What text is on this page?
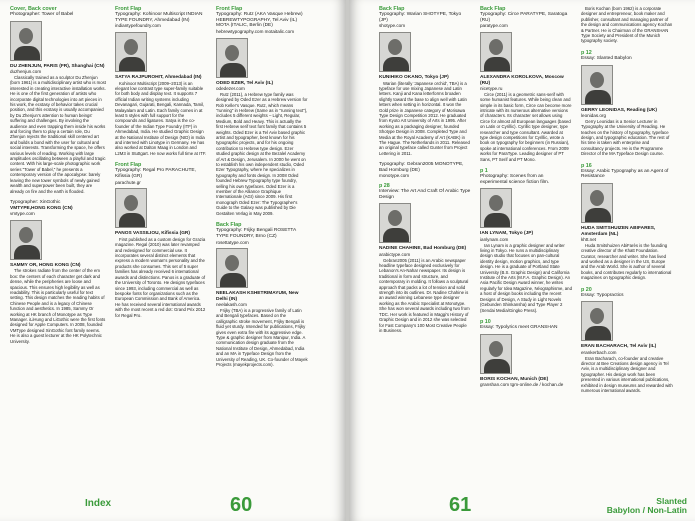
Cover, Back cover
Photographer: Tower of Babel
DU ZHENJUN, PARIS (FR), Shanghai (CN)
duzhenjun.com

Classically trained as a sculptor Du Zhenjun (born 1961) is a multidisciplinary artist who is most interested in creating interactive installation works. He is one of the first generation of artists who incorporate digital technologies into art pieces in his work, the ecstasy of behavior takes crucial position, and this ecstasy is usually accompanied by Du Zhenjun's attention to human beings' suffering and challenges. By involving the audience and even trapping them inside his works and forcing them to play a certain role, Du Zhenjun rejects the traditional skill centered art and builds a bond with the user for cultural and social interests. Transforming the space, he offers various levels of reading. Working with large amplitudes oscillating between a playful and tragic content. With his large-scale photographic work series "Tower of Babel," he presents a contemporary version of the apocalypse: barely leaving the new tower symbols of newly gained wealth and superpower been built, they are already on fire and the earth is flooded.

Typographer: XinGothic
VMTYPE,HONG KONG (CN)
vmtype.com
SAMMY OR, HONG KONG (CN)

The strokes radiate from the center of the em box: the centers of each character get dark and dense, while the peripheries are loose and spacious. This ensures high legibility as well as readability. This is particularly useful for text setting. This design matches the reading habits of Chinese People and is a legacy of Chinese function and aesthetics. In 1985, Sammy Or working at HK branch of Monotype as Type Manager. iLiHung and LiGothic were the first fonts designed for Apple Computers. In 2008, founded VMType designed XinGothic font family seems. He is also a guest lecturer at the HK Polytechnic University.

Front Flap
Typography: Kohinoor Multiscript INDIAN TYPE FOUNDRY, Ahmedabad (IN)
indiantypefoundry.com
SATYA RAJPUROHIT, Ahmedabad (IN)

Kohinoor Multiscript (2009–2013) is an elegant low contrast type super-family suitable for both body and display text. It supports 7 official Indian writing systems including Devanagari, Gujarati, Bengali, Kannada, Tamil, Malayalam and Latin. Each family comes in at least 5 styles with full support for the compounds and ligatures. Satya is the co-founder of the Indian Type Foundry (ITF) in Ahmedabad, India. He studied Graphic Design at the National Institute of Design (NID) in India and interned with Linotype in Germany. He has also worked at Dalton Maag in London and L2M3 in Stuttgart. He now works full time at ITF.

Front Flap
Typography: Regal Pro PARACHUTE, Kifissia (GR)
parachute.gr
PANOS VASSILIOU, Kifissia (GR)

First published as a custom design for Grazia magazine. Regal (2010) was later revamped and redesigned for commercial use. It incorporates several distinct elements that express a modern woman's personality and the products she consumes. This set of 5 super families has already received 6 international awards and distinctions. Panos is a graduate of the University of Toronto. He designs typefaces since 1993, including commercial as well as bespoke fonts for organizations such as the European Commission and Bank of America. He has received several international awards with the most recent a red dot: Grand Prix 2012 for Regal Pro.

Front Flap
Typography: Rutz (AKA Vasque Hebrew) HEBREWTYPOGRAPHY, Tel Aviv (IL) MOTA (ITALIC, Berlin (DE)
hebrewtypography.com motaitalic.com
ODED EZER, Tel Aviv (IL)
odedezer.com

Rutz (2011), a Hebrew type family was designed by Oded Ezer as a Hebrew version for Rob Keller's Vasque. Rutz, which means "running" in Hebrew (Same as in "running text"), includes 5 different weights – Light, Regular, Medium, Bold and Heavy. This is actually the first Hebrew serif text font family that contains 5 weights. Oded Ezer is a Tel Aviv based graphic artist and typographer, best known for his typographic projects, and for his ongoing contribution to Hebrew type design. Ezer studied graphic design at the Bezalel Academy of Art & Design, Jerusalem. In 2000 he went on to establish his own independent studio, Oded Ezer Typography, where he specializes in typography and fonts design. In 2008 Oded founded Hebrew Typography type foundry, selling his own typefaces. Oded Ezer is a member of the Alliance Graphique Internationale (AGI) since 2009. His first monograph Oded Ezer: The Typographer's Guide to the Galaxy was published by Die Gestalten Verlag in May 2009.

Back Flap
Typography: Frijky Bengali ROSETTA TYPE FOUNDRY, Brno (CZ)
rosettatype.com
NEELAKASH KSHETRIMAYUM, New Delhi (IN)
neelakash.com

Frijky (TBA) is a progressive family of Latin and Bengali typefaces. Based on the calligraphic stroke movement, Frijky Bengali is fluid yet sturdy. Intended for publications, Frijky gives even extra fire with its aggressive edge. Type & graphic designer from Manipur, India. A communication design graduate from the National Institute of Design, Ahmedabad, India and an MA in Typeface Design from the University of Reading, UK. Co-founder of Mayek Projects (mayekprojects.com).

Index	60
Back Flap
Typography: Warian SHOTYPE, Tokyo (JP)
shotype.com
KUNIHIKO OKANO, Tokyo (JP)

Warian (literally 'Japanese orchid', TBA) is a typeface for use mixing Japanese and Latin letters. Kanji and Kana letterforms broaden slightly toward the base to align well with Latin letters when setting in horizontal. It won the Gold prize in Japanese category of Morisawa Type Design Competition 2012. He graduated from Kyoto Art University of Arts in 1995. After working as a packaging designer, founded Shotype Design in 2008. Completed Type and Media at the Royal Academy of Art (KABK) in The Hague. The Netherlands in 2011. Released an original typeface called Gunter from Project Lettering in 2011.

Typography: Gebran2005 MONOTYPE, Bad Homburg (DE)
monotype.com
p 28
Interview: The Art And Craft Of Arabic Type Design
NADINE CHAHINE, Bad Homburg (DE)
arabictype.com

Gebran2005 (2011) is an Arabic newspaper headline typeface designed exclusively for Lebanon's An-Nahar newspaper. Its design is traditional in form and structure, and contemporary in molding. It follows a sculptural approach that packs a lot of tension and solid strength into its outlines. Dr. Nadine Chahine is an award winning Lebanese type designer working as the Arabic Specialist at Monotype. She has won several awards including two from TDC. Her work is featured in Maggi's History of Graphic Design and in 2012 she was selected for Fast Company's 100 Most Creative People in Business.

Back Flap
Typography: Circe PARATYPE, Saratoga (RU)
paratype.com
ALEXANDRA KOROLKOVA, Moscow (RU)
nicetype.ru

Circe (2011) is a geometric sans-serif with some humanist features. While being clean and simple in its basic form, Circe can become more intricate with its numerous alternative versions of characters. Its character set allows using Circe for almost all European languages (based on Latin or Cyrillic). Cyrillic type designer, type researcher and type consultant. Awarded at type design competitions for Cyrillic, wrote a book on typography for beginners (in Russian), spoke at international conferences. From 2009 works for ParaType. Leading designer of PT Sans, PT Serif and PT Mono.

p 1
Photography: Scenes from an experimental science fiction film.
IAN LYNAM, Tokyo (JP)
ianlynam.com

Ian Lynam is a graphic designer and writer living in Tokyo. He runs a multidisciplinary design studio that focuses on pan-cultural identity design, motion graphics, and type design. He is a graduate of Portland State University (B.S. Graphic Design) and California Institute of the Arts (M.F.A. Graphic Design). An Asia Pacific Design Award winner, he writes regularly for Idea Magazine, Néographisme, and a host of design books including the recent Designs of Design, A Study in Light Novels (Gebunden Shinkansha) and Type Player 2 (Sendai Media/Gingko Press).

p 10
Essay: Typolyrics meet GRANSHAN
BORIS KOCHAN, Munich (DE)
granshan.com tgm-online.de / kochan.de

Boris Kochan (born 1962) is a corporate designer and entrepreneur, book maker and publisher, consultant and managing partner of the design and communications agency Kochan & Partner. He is Chairman of the GRANSHAN Type Society and President of the Munich typography society.

p 12
Essay: Slanted Babylon
GERRY LEONIDAS, Reading (UK)
leonidas.org

Gerry Leonidas is a Senior Lecturer in Typography at the University of Reading. He teaches on the history of typography, typeface design, and typographic education. The rest of his time is taken with enterprise and consultancy projects. He is the Programme Director of the MA Typeface Design course.

p 16
Essay: Arabic Typography as an Agent of Resistance
HUDA SMITSHUIZEN ABIFARES, Amsterdam (NL)
khtt.net

Huda Smitshuizen AbiFarès is the founding creative director of the Khatt Foundation. Curator, researcher and writer. She has lived and worked as a designer in the US, Europe and the Arab World. She is author of several books, and contributes regularly to international magazines on typographic design.

p 20
Essay: Typopractics
ERAN BACHARACH, Tel Aviv (IL)
erankerbach.com

Eran Bacharach, co-founder and creative director at Bee Creations design agency in Tel Aviv, is a multidisciplinary designer and typographer. His design work has been presented in various international publications, exhibited in design museums and rewarded with numerous international awards.

61	Slanted
Babylon / Non-Latin
